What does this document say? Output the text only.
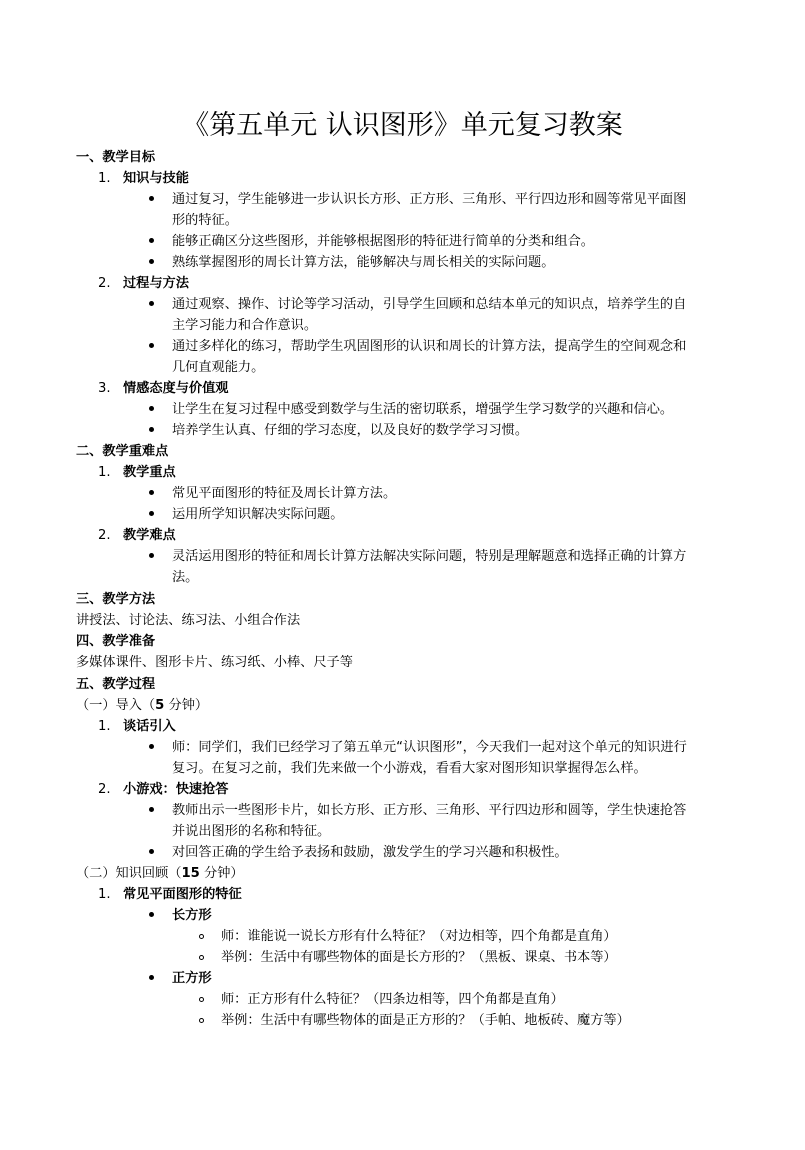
《第五单元 认识图形》单元复习教案
一、教学目标
1. 知识与技能
通过复习，学生能够进一步认识长方形、正方形、三角形、平行四边形和圆等常见平面图
形的特征。
能够正确区分这些图形，并能够根据图形的特征进行简单的分类和组合。
熟练掌握图形的周长计算方法，能够解决与周长相关的实际问题。
2. 过程与方法
通过观察、操作、讨论等学习活动，引导学生回顾和总结本单元的知识点，培养学生的自
主学习能力和合作意识。
通过多样化的练习，帮助学生巩固图形的认识和周长的计算方法，提高学生的空间观念和
几何直观能力。
3. 情感态度与价值观
让学生在复习过程中感受到数学与生活的密切联系，增强学生学习数学的兴趣和信心。
培养学生认真、仔细的学习态度，以及良好的数学学习习惯。
二、教学重难点
1. 教学重点
常见平面图形的特征及周长计算方法。
运用所学知识解决实际问题。
2. 教学难点
灵活运用图形的特征和周长计算方法解决实际问题，特别是理解题意和选择正确的计算方
法。
三、教学方法
讲授法、讨论法、练习法、小组合作法
四、教学准备
多媒体课件、图形卡片、练习纸、小棒、尺子等
五、教学过程
（一）导入（5 分钟）
1. 谈话引入
师：同学们，我们已经学习了第五单元“认识图形”，今天我们一起对这个单元的知识进行
复习。在复习之前，我们先来做一个小游戏，看看大家对图形知识掌握得怎么样。
2. 小游戏：快速抢答
教师出示一些图形卡片，如长方形、正方形、三角形、平行四边形和圆等，学生快速抢答
并说出图形的名称和特征。
对回答正确的学生给予表扬和鼓励，激发学生的学习兴趣和积极性。
（二）知识回顾（15 分钟）
1. 常见平面图形的特征
长方形
师：谁能说一说长方形有什么特征？（对边相等，四个角都是直角）
举例：生活中有哪些物体的面是长方形的？（黑板、课桌、书本等）
正方形
师：正方形有什么特征？（四条边相等，四个角都是直角）
举例：生活中有哪些物体的面是正方形的？（手帕、地板砖、魔方等）
